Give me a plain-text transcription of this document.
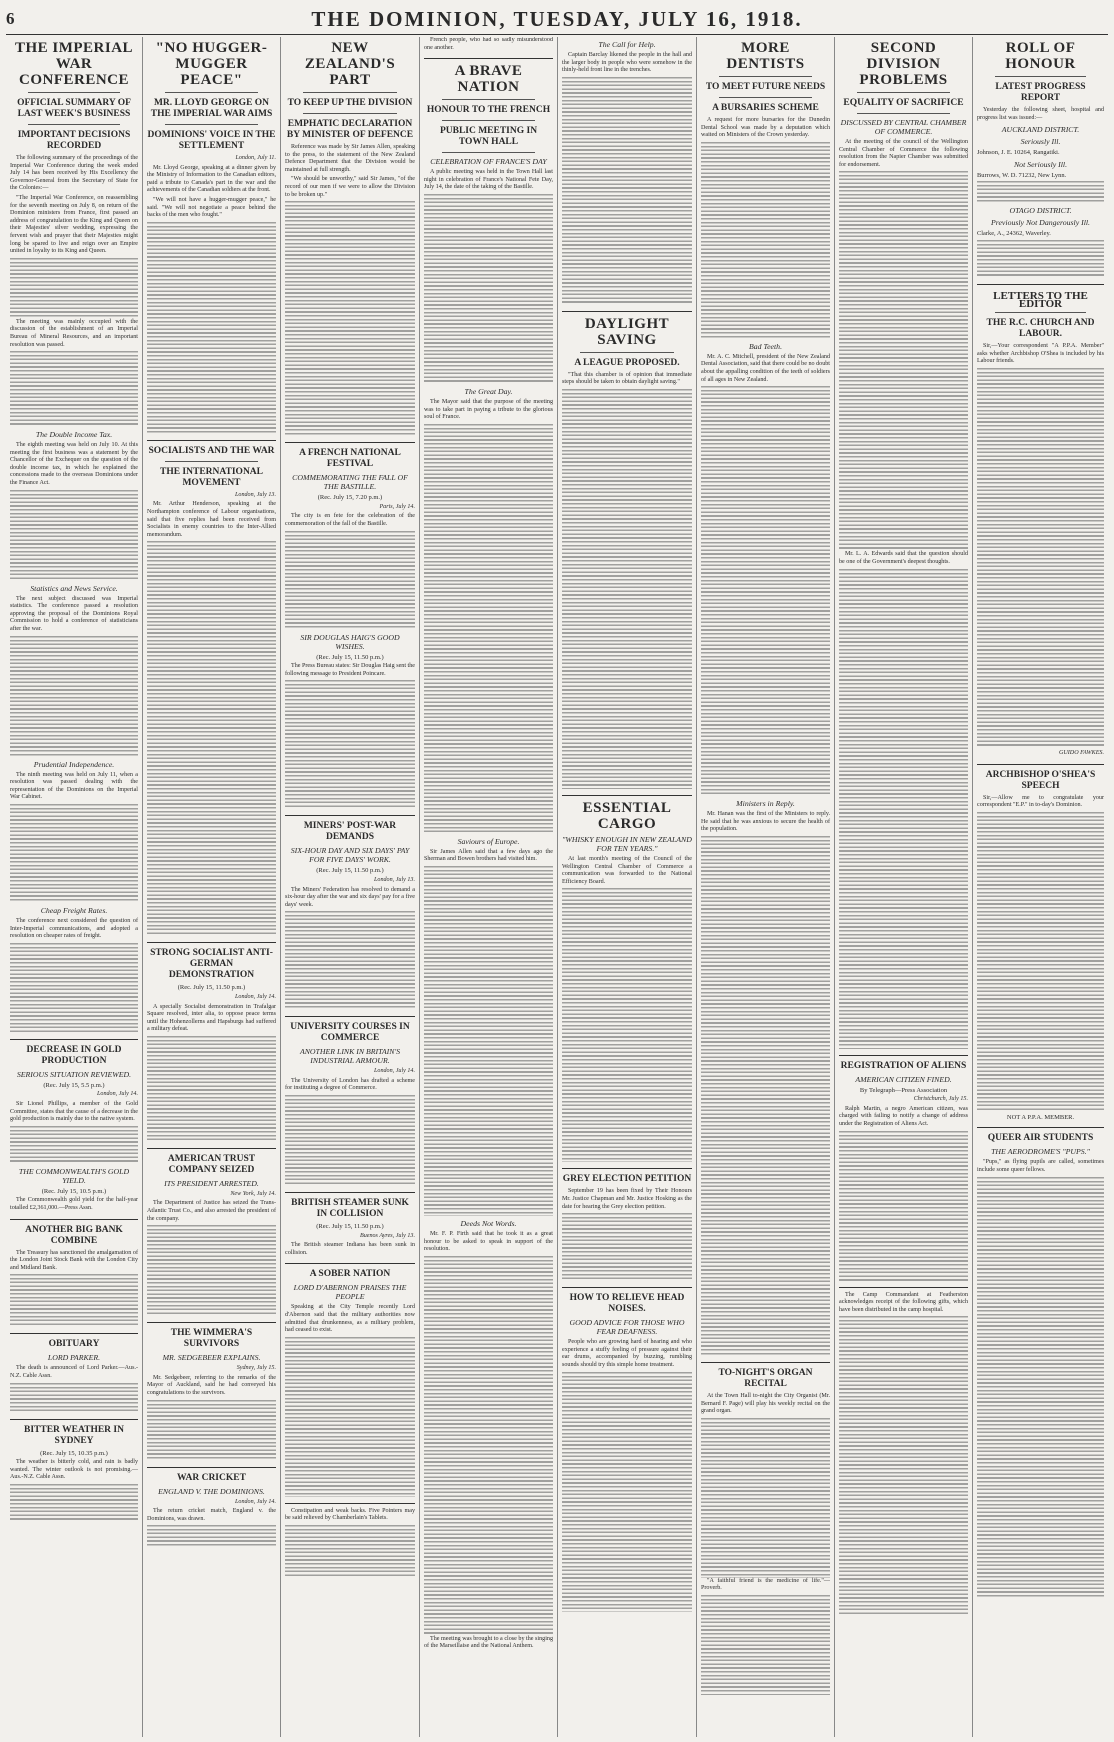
6	THE DOMINION, TUESDAY, JULY 16, 1918.
THE IMPERIAL WAR CONFERENCE
OFFICIAL SUMMARY OF LAST WEEK'S BUSINESS
IMPORTANT DECISIONS RECORDED

The following summary of the proceedings of the Imperial War Conference during the week ended July 14 has been received by His Excellency the Governor-General from the Secretary of State for the Colonies:—

"The Imperial War Conference, on reassembling for the seventh meeting on July 8, on return of the Dominion ministers from France, first passed an address of congratulation to the King and Queen on their Majesties' silver wedding, expressing the fervent wish and prayer that their Majesties might long be spared to live and reign over an Empire united in loyalty to its King and Queen.

The meeting was mainly occupied with the discussion of the establishment of an Imperial Bureau of Mineral Resources, and an important resolution was passed.

The Double Income Tax.

The eighth meeting was held on July 10. At this meeting the first business was a statement by the Chancellor of the Exchequer on the question of the double income tax, in which he explained the concessions made to the overseas Dominions under the Finance Act.

Statistics and News Service.

The next subject discussed was Imperial statistics. The conference passed a resolution approving the proposal of the Dominions Royal Commission to hold a conference of statisticians after the war.

Prudential Independence.

The ninth meeting was held on July 11, when a resolution was passed dealing with the representation of the Dominions on the Imperial War Cabinet.

Cheap Freight Rates.

The conference next considered the question of Inter-Imperial communications, and adopted a resolution on cheaper rates of freight.

DECREASE IN GOLD PRODUCTION
SERIOUS SITUATION REVIEWED.
(Rec. July 15, 5.5 p.m.)
London, July 14.

Sir Lionel Phillips, a member of the Gold Committee, states that the cause of a decrease in the gold production is mainly due to the native system.

THE COMMONWEALTH'S GOLD YIELD.
(Rec. July 15, 10.5 p.m.)

The Commonwealth gold yield for the half-year totalled £2,361,000.—Press Assn.

ANOTHER BIG BANK COMBINE

The Treasury has sanctioned the amalgamation of the London Joint Stock Bank with the London City and Midland Bank.

OBITUARY
LORD PARKER.

The death is announced of Lord Parker.—Aus.-N.Z. Cable Assn.

BITTER WEATHER IN SYDNEY
(Rec. July 15, 10.35 p.m.)

The weather is bitterly cold, and rain is badly wanted. The winter outlook is not promising.—Aus.-N.Z. Cable Assn.

"NO HUGGER-MUGGER PEACE"
MR. LLOYD GEORGE ON THE IMPERIAL WAR AIMS
DOMINIONS' VOICE IN THE SETTLEMENT
London, July 11.

Mr. Lloyd George, speaking at a dinner given by the Ministry of Information to the Canadian editors, paid a tribute to Canada's part in the war and the achievements of the Canadian soldiers at the front.

"We will not have a hugger-mugger peace," he said. "We will not negotiate a peace behind the backs of the men who fought."

SOCIALISTS AND THE WAR
THE INTERNATIONAL MOVEMENT
London, July 13.

Mr. Arthur Henderson, speaking at the Northampton conference of Labour organisations, said that five replies had been received from Socialists in enemy countries to the Inter-Allied memorandum.

STRONG SOCIALIST ANTI-GERMAN DEMONSTRATION
(Rec. July 15, 11.50 p.m.)
London, July 14.

A specially Socialist demonstration in Trafalgar Square resolved, inter alia, to oppose peace terms until the Hohenzollerns and Hapsburgs had suffered a military defeat.

AMERICAN TRUST COMPANY SEIZED
ITS PRESIDENT ARRESTED.
New York, July 14.

The Department of Justice has seized the Trans-Atlantic Trust Co., and also arrested the president of the company.

THE WIMMERA'S SURVIVORS
MR. SEDGEBEER EXPLAINS.
Sydney, July 15.

Mr. Sedgebeer, referring to the remarks of the Mayor of Auckland, said he had conveyed his congratulations to the survivors.

WAR CRICKET
ENGLAND V. THE DOMINIONS.
London, July 14.

The return cricket match, England v. the Dominions, was drawn.

NEW ZEALAND'S PART
TO KEEP UP THE DIVISION
EMPHATIC DECLARATION BY MINISTER OF DEFENCE

Reference was made by Sir James Allen, speaking to the press, to the statement of the New Zealand Defence Department that the Division would be maintained at full strength.

"We should be unworthy," said Sir James, "of the record of our men if we were to allow the Division to be broken up."

A FRENCH NATIONAL FESTIVAL
COMMEMORATING THE FALL OF THE BASTILLE.
(Rec. July 15, 7.20 p.m.)
Paris, July 14.

The city is en fete for the celebration of the commemoration of the fall of the Bastille.

SIR DOUGLAS HAIG'S GOOD WISHES.
(Rec. July 15, 11.50 p.m.)

The Press Bureau states: Sir Douglas Haig sent the following message to President Poincare.

MINERS' POST-WAR DEMANDS
SIX-HOUR DAY AND SIX DAYS' PAY FOR FIVE DAYS' WORK.
(Rec. July 15, 11.50 p.m.)
London, July 13.

The Miners' Federation has resolved to demand a six-hour day after the war and six days' pay for a five days' week.

UNIVERSITY COURSES IN COMMERCE
ANOTHER LINK IN BRITAIN'S INDUSTRIAL ARMOUR.
London, July 14.

The University of London has drafted a scheme for instituting a degree of Commerce.

BRITISH STEAMER SUNK IN COLLISION
(Rec. July 15, 11.50 p.m.)
Buenos Ayres, July 13.

The British steamer Indiana has been sunk in collision.

A SOBER NATION
LORD D'ABERNON PRAISES THE PEOPLE

Speaking at the City Temple recently Lord d'Abernon said that the military authorities now admitted that drunkenness, as a military problem, had ceased to exist.

Constipation and weak backs. Five Pointers may be said relieved by Chamberlain's Tablets.

French people, who had so sadly misunderstood one another.

A BRAVE NATION
HONOUR TO THE FRENCH
PUBLIC MEETING IN TOWN HALL
CELEBRATION OF FRANCE'S DAY

A public meeting was held in the Town Hall last night in celebration of France's National Fete Day, July 14, the date of the taking of the Bastille.

The Great Day.

The Mayor said that the purpose of the meeting was to take part in paying a tribute to the glorious soul of France.

Saviours of Europe.

Sir James Allen said that a few days ago the Sherman and Bowen brothers had visited him.

Deeds Not Words.

Mr. F. P. Firth said that he took it as a great honour to be asked to speak in support of the resolution.

The meeting was brought to a close by the singing of the Marseillaise and the National Anthem.

The Call for Help.

Captain Barclay likened the people in the hall and the larger body in people who were somehow in the thinly-held front line in the trenches.

DAYLIGHT SAVING
A LEAGUE PROPOSED.

"That this chamber is of opinion that immediate steps should be taken to obtain daylight saving."

ESSENTIAL CARGO
"WHISKY ENOUGH IN NEW ZEALAND FOR TEN YEARS."

At last month's meeting of the Council of the Wellington Central Chamber of Commerce a communication was forwarded to the National Efficiency Board.

GREY ELECTION PETITION

September 19 has been fixed by Their Honours Mr. Justice Chapman and Mr. Justice Hosking as the date for hearing the Grey election petition.

HOW TO RELIEVE HEAD NOISES.
GOOD ADVICE FOR THOSE WHO FEAR DEAFNESS.

People who are growing hard of hearing and who experience a stuffy feeling of pressure against their ear drums, accompanied by buzzing, rumbling sounds should try this simple home treatment.

MORE DENTISTS
TO MEET FUTURE NEEDS
A BURSARIES SCHEME

A request for more bursaries for the Dunedin Dental School was made by a deputation which waited on Ministers of the Crown yesterday.

Bad Teeth.

Mr. A. C. Mitchell, president of the New Zealand Dental Association, said that there could be no doubt about the appalling condition of the teeth of soldiers of all ages in New Zealand.

Ministers in Reply.

Mr. Hanan was the first of the Ministers to reply. He said that he was anxious to secure the health of the population.

TO-NIGHT'S ORGAN RECITAL

At the Town Hall to-night the City Organist (Mr. Bernard F. Page) will play his weekly recital on the grand organ.

"A faithful friend is the medicine of life."—Proverb.

SECOND DIVISION PROBLEMS
EQUALITY OF SACRIFICE
DISCUSSED BY CENTRAL CHAMBER OF COMMERCE.

At the meeting of the council of the Wellington Central Chamber of Commerce the following resolution from the Napier Chamber was submitted for endorsement.

Mr. L. A. Edwards said that the question should be one of the Government's deepest thoughts.

REGISTRATION OF ALIENS
AMERICAN CITIZEN FINED.
By Telegraph—Press Association
Christchurch, July 15.

Ralph Martin, a negro American citizen, was charged with failing to notify a change of address under the Registration of Aliens Act.

The Camp Commandant at Featherston acknowledges receipt of the following gifts, which have been distributed in the camp hospital.

ROLL OF HONOUR
LATEST PROGRESS REPORT

Yesterday the following sheet, hospital and progress list was issued:—

AUCKLAND DISTRICT.
Seriously Ill.
Johnson, J. E. 10264, Rangatiki.
Not Seriously Ill.
Burrows, W. D. 71232, New Lynn.
OTAGO DISTRICT.
Previously Not Dangerously Ill.
Clarke, A., 24362, Waverley.
LETTERS TO THE EDITOR
THE R.C. CHURCH AND LABOUR.

Sir,—Your correspondent "A P.P.A. Member" asks whether Archbishop O'Shea is included by his Labour friends.

GUIDO FAWKES.
ARCHBISHOP O'SHEA'S SPEECH

Sir,—Allow me to congratulate your correspondent "E.P." in to-day's Dominion.

NOT A P.P.A. MEMBER.
QUEER AIR STUDENTS
THE AERODROME'S "PUPS."

"Pups," as flying pupils are called, sometimes include some queer fellows.
